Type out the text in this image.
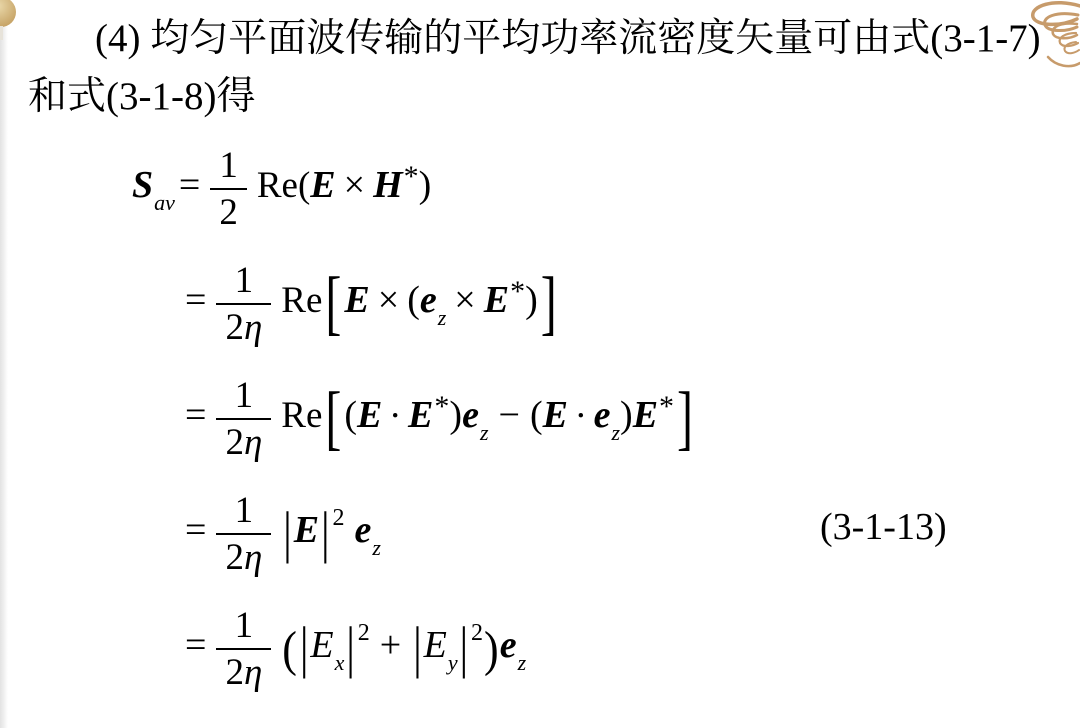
(4) 均匀平面波传输的平均功率流密度矢量可由式(3-1-7)

和式(3-1-8)得

Sav = $\frac{1}{2} Re(E \times H*)$
= $\frac{1}{2\eta} Re[E \times (ez \times E*)]$
= $\frac{1}{2\eta} Re[(E \cdot E*)ez - (E \cdot ez)E*]$
= $\frac{1}{2\eta} |E|$ 2 ez
= $\frac{1}{2\eta} (|Ex|$ 2 + |Ey| 2)ez
(3-1-13)
